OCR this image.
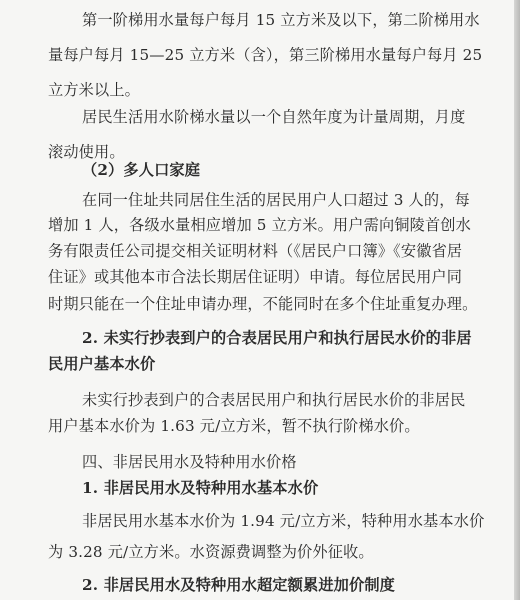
第一阶梯用水量每户每月 15 立方米及以下，第二阶梯用水
量每户每月 15—25 立方米（含），第三阶梯用水量每户每月 25
立方米以上。
居民生活用水阶梯水量以一个自然年度为计量周期，月度
滚动使用。
（2）多人口家庭
在同一住址共同居住生活的居民用户人口超过 3 人的，每
增加 1 人，各级水量相应增加 5 立方米。用户需向铜陵首创水
务有限责任公司提交相关证明材料（《居民户口簿》《安徽省居
住证》或其他本市合法长期居住证明）申请。每位居民用户同
时期只能在一个住址申请办理，不能同时在多个住址重复办理。
2. 未实行抄表到户的合表居民用户和执行居民水价的非居
民用户基本水价
未实行抄表到户的合表居民用户和执行居民水价的非居民
用户基本水价为 1.63 元/立方米，暂不执行阶梯水价。
四、非居民用水及特种用水价格
1. 非居民用水及特种用水基本水价
非居民用水基本水价为 1.94 元/立方米，特种用水基本水价
为 3.28 元/立方米。水资源费调整为价外征收。
2. 非居民用水及特种用水超定额累进加价制度
